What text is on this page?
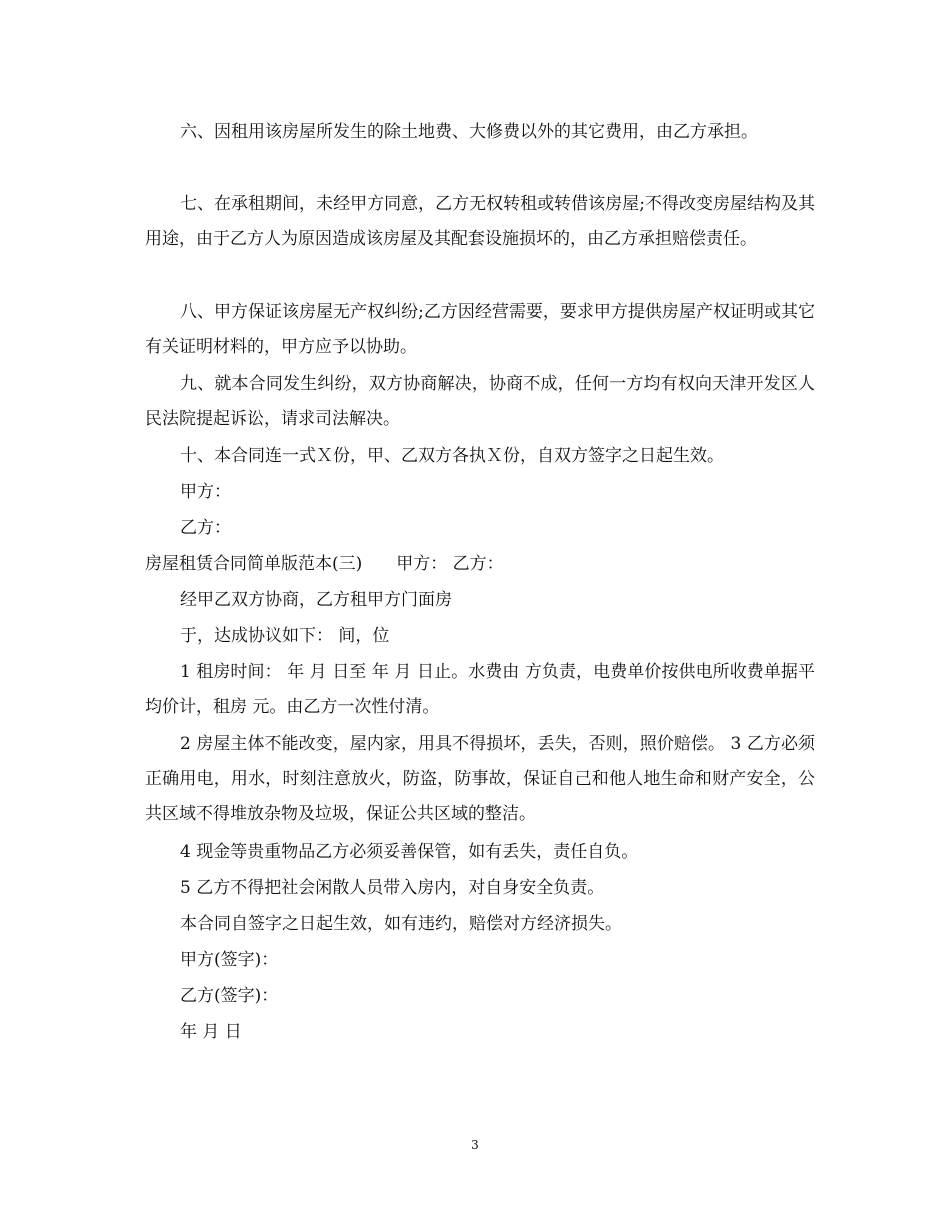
六、因租用该房屋所发生的除土地费、大修费以外的其它费用，由乙方承担。

七、在承租期间，未经甲方同意，乙方无权转租或转借该房屋;不得改变房屋结构及其用途，由于乙方人为原因造成该房屋及其配套设施损坏的，由乙方承担赔偿责任。

八、甲方保证该房屋无产权纠纷;乙方因经营需要，要求甲方提供房屋产权证明或其它有关证明材料的，甲方应予以协助。

九、就本合同发生纠纷，双方协商解决，协商不成，任何一方均有权向天津开发区人民法院提起诉讼，请求司法解决。

十、本合同连一式Ｘ份，甲、乙双方各执Ｘ份，自双方签字之日起生效。

甲方：

乙方：

房屋租赁合同简单版范本(三)　　甲方： 乙方：

经甲乙双方协商，乙方租甲方门面房

于，达成协议如下： 间，位

1 租房时间： 年 月 日至 年 月 日止。水费由 方负责，电费单价按供电所收费单据平均价计，租房 元。由乙方一次性付清。

2 房屋主体不能改变，屋内家，用具不得损坏，丢失，否则，照价赔偿。 3 乙方必须正确用电，用水，时刻注意放火，防盗，防事故，保证自己和他人地生命和财产安全，公共区域不得堆放杂物及垃圾，保证公共区域的整洁。

4 现金等贵重物品乙方必须妥善保管，如有丢失，责任自负。

5 乙方不得把社会闲散人员带入房内，对自身安全负责。

本合同自签字之日起生效，如有违约，赔偿对方经济损失。

甲方(签字)：

乙方(签字)：

年 月 日

3
